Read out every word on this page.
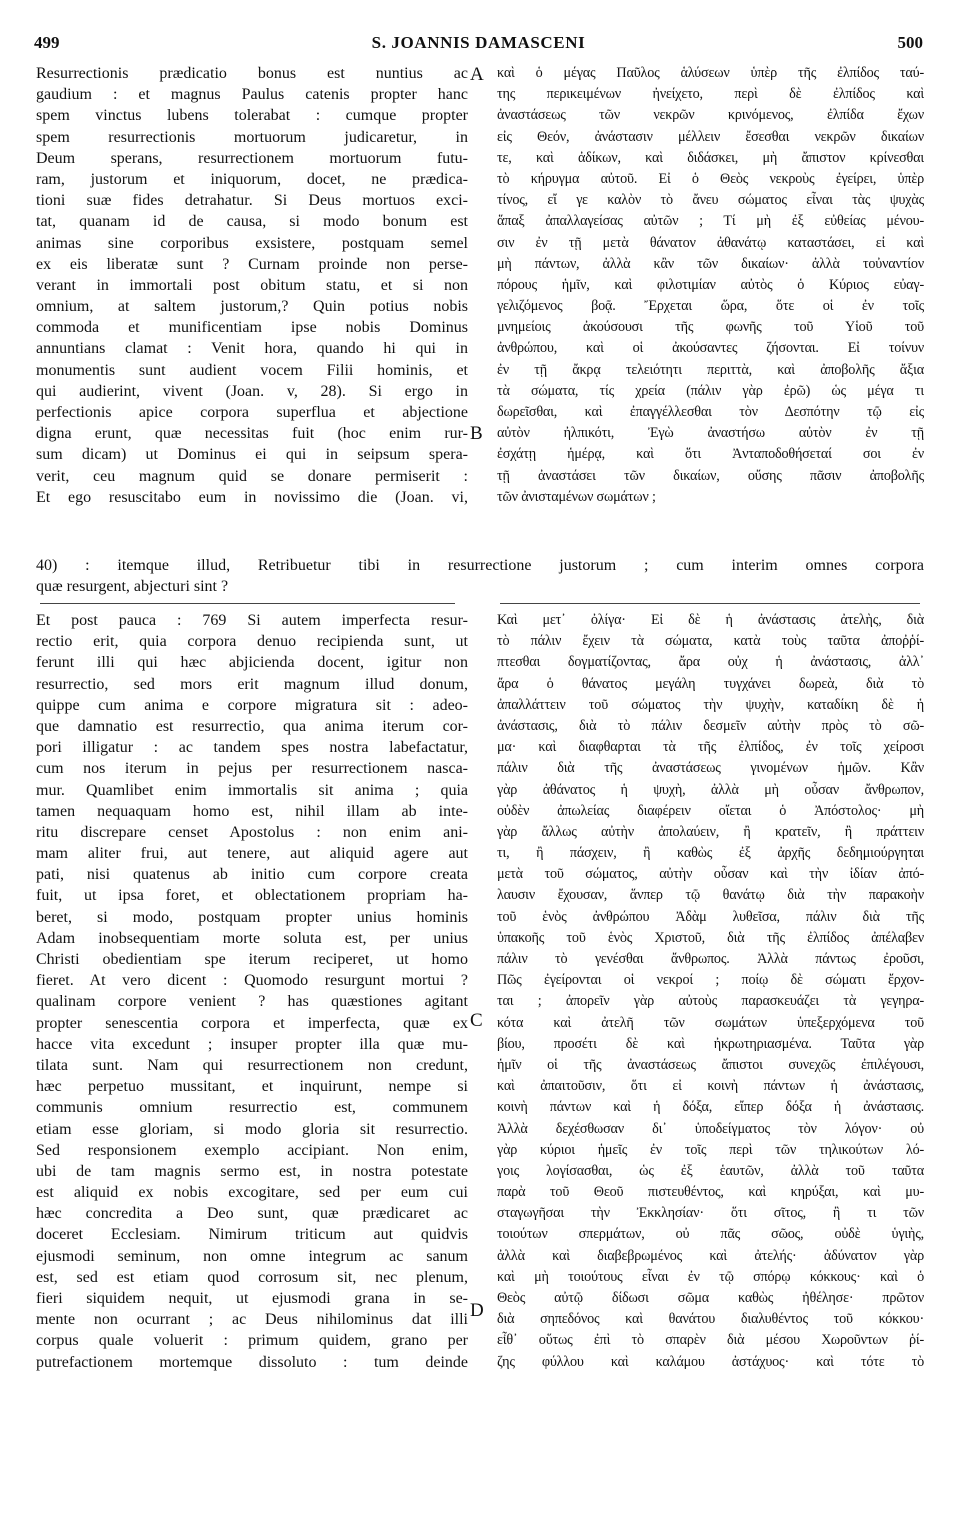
499	S. JOANNIS DAMASCENI	500
A
B
C
D
Resurrectionis prædicatio bonus est nuntius ac
gaudium : et magnus Paulus catenis propter hanc
spem vinctus lubens tolerabat : cumque propter
spem resurrectionis mortuorum judicaretur, in
Deum sperans, resurrectionem mortuorum futu-
ram, justorum et iniquorum, docet, ne prædica-
tioni suæ fides detrahatur. Si Deus mortuos exci-
tat, quanam id de causa, si modo bonum est
animas sine corporibus exsistere, postquam semel
ex eis liberatæ sunt ? Curnam proinde non perse-
verant in immortali post obitum statu, et si non
omnium, at saltem justorum,? Quin potius nobis
commoda et munificentiam ipse nobis Dominus
annuntians clamat : Venit hora, quando hi qui in
monumentis sunt audient vocem Filii hominis, et
qui audierint, vivent (Joan. v, 28). Si ergo in
perfectionis apice corpora superflua et abjectione
digna erunt, quæ necessitas fuit (hoc enim rur-
sum dicam) ut Dominus ei qui in seipsum spera-
verit, ceu magnum quid se donare permiserit :
Et ego resuscitabo eum in novissimo die (Joan. vi,
καὶ ὁ μέγας Παῦλος ἁλύσεων ὑπὲρ τῆς ἐλπίδος ταύ-
της περικειμένων ἠνείχετο, περὶ δὲ ἐλπίδος καὶ
ἀναστάσεως τῶν νεκρῶν κρινόμενος, ἐλπίδα ἔχων
εἰς Θεόν, ἀνάστασιν μέλλειν ἔσεσθαι νεκρῶν δικαίων
τε, καὶ ἀδίκων, καὶ διδάσκει, μὴ ἄπιστον κρίνεσθαι
τὸ κήρυγμα αὐτοῦ. Εἰ ὁ Θεὸς νεκροὺς ἐγείρει, ὑπὲρ
τίνος, εἴ γε καλὸν τὸ ἄνευ σώματος εἶναι τὰς ψυχὰς
ἅπαξ ἀπαλλαγείσας αὐτῶν ; Τί μὴ ἐξ εὐθείας μένου-
σιν ἐν τῇ μετὰ θάνατον ἀθανάτῳ καταστάσει, εἰ καὶ
μὴ πάντων, ἀλλὰ κἂν τῶν δικαίων· ἀλλὰ τοὐναντίον
πόρους ἡμῖν, καὶ φιλοτιμίαν αὐτὸς ὁ Κύριος εὐαγ-
γελιζόμενος βοᾷ. Ἔρχεται ὥρα, ὅτε οἱ ἐν τοῖς
μνημείοις ἀκούσουσι τῆς φωνῆς τοῦ Υἱοῦ τοῦ
ἀνθρώπου, καὶ οἱ ἀκούσαντες ζήσονται. Εἰ τοίνυν
ἐν τῇ ἄκρᾳ τελειότητι περιττὰ, καὶ ἀποβολῆς ἄξια
τὰ σώματα, τίς χρεία (πάλιν γὰρ ἐρῶ) ὡς μέγα τι
δωρεῖσθαι, καὶ ἐπαγγέλλεσθαι τὸν Δεσπότην τῷ εἰς
αὐτὸν ἠλπικότι, Ἐγὼ ἀναστήσω αὐτὸν ἐν τῇ
ἐσχάτῃ ἡμέρᾳ, καὶ ὅτι Ἀνταποδοθήσεταί σοι ἐν
τῇ ἀναστάσει τῶν δικαίων, οὔσης πᾶσιν ἀποβολῆς
τῶν ἀνισταμένων σωμάτων ;
40) : itemque illud, Retribuetur tibi in resurrectione justorum ; cum interim omnes corpora
quæ resurgent, abjecturi sint ?
Et post pauca : 769 Si autem imperfecta resur-
rectio erit, quia corpora denuo recipienda sunt, ut
ferunt illi qui hæc abjicienda docent, igitur non
resurrectio, sed mors erit magnum illud donum,
quippe cum anima e corpore migratura sit : adeo-
que damnatio est resurrectio, qua anima iterum cor-
pori illigatur : ac tandem spes nostra labefactatur,
cum nos iterum in pejus per resurrectionem nasca-
mur. Quamlibet enim immortalis sit anima ; quia
tamen nequaquam homo est, nihil illam ab inte-
ritu discrepare censet Apostolus : non enim ani-
mam aliter frui, aut tenere, aut aliquid agere aut
pati, nisi quatenus ab initio cum corpore creata
fuit, ut ipsa foret, et oblectationem propriam ha-
beret, si modo, postquam propter unius hominis
Adam inobsequentiam morte soluta est, per unius
Christi obedientiam spe iterum reciperet, ut homo
fieret. At vero dicent : Quomodo resurgunt mortui ?
qualinam corpore venient ? has quæstiones agitant
propter senescentia corpora et imperfecta, quæ ex
hacce vita excedunt ; insuper propter illa quæ mu-
tilata sunt. Nam qui resurrectionem non credunt,
hæc perpetuo mussitant, et inquirunt, nempe si
communis omnium resurrectio est, communem
etiam esse gloriam, si modo gloria sit resurrectio.
Sed responsionem exemplo accipiant. Non enim,
ubi de tam magnis sermo est, in nostra potestate
est aliquid ex nobis excogitare, sed per eum cui
hæc concredita a Deo sunt, quæ prædicaret ac
doceret Ecclesiam. Nimirum triticum aut quidvis
ejusmodi seminum, non omne integrum ac sanum
est, sed est etiam quod corrosum sit, nec plenum,
fieri siquidem nequit, ut ejusmodi grana in se-
mente non ocurrant ; ac Deus nihilominus dat illi
corpus quale voluerit : primum quidem, grano per
putrefactionem mortemque dissoluto : tum deinde
Καὶ μετ᾽ ὀλίγα· Εἰ δὲ ἡ ἀνάστασις ἀτελὴς, διὰ
τὸ πάλιν ἔχειν τὰ σώματα, κατὰ τοὺς ταῦτα ἀποῤῥί-
πτεσθαι δογματίζοντας, ἄρα οὐχ ἡ ἀνάστασις, ἀλλ᾽
ἄρα ὁ θάνατος μεγάλη τυγχάνει δωρεὰ, διὰ τὸ
ἀπαλλάττειν τοῦ σώματος τὴν ψυχὴν, καταδίκη δὲ ἡ
ἀνάστασις, διὰ τὸ πάλιν δεσμεῖν αὐτὴν πρὸς τὸ σῶ-
μα· καὶ διαφθαρται τὰ τῆς ἐλπίδος, ἐν τοῖς χείροσι
πάλιν διὰ τῆς ἀναστάσεως γινομένων ἡμῶν. Κἂν
γὰρ ἀθάνατος ἡ ψυχὴ, ἀλλὰ μὴ οὖσαν ἄνθρωπον,
οὐδὲν ἀπωλείας διαφέρειν οἴεται ὁ Ἀπόστολος· μὴ
γὰρ ἄλλως αὐτὴν ἀπολαύειν, ἢ κρατεῖν, ἢ πράττειν
τι, ἢ πάσχειν, ἢ καθὼς ἐξ ἀρχῆς δεδημιούργηται
μετὰ τοῦ σώματος, αὐτὴν οὖσαν καὶ τὴν ἰδίαν ἀπό-
λαυσιν ἔχουσαν, ἅνπερ τῷ θανάτῳ διὰ τὴν παρακοὴν
τοῦ ἑνὸς ἀνθρώπου Ἀδὰμ λυθεῖσα, πάλιν διὰ τῆς
ὑπακοῆς τοῦ ἑνὸς Χριστοῦ, διὰ τῆς ἐλπίδος ἀπέλαβεν
πάλιν τὸ γενέσθαι ἄνθρωπος. Ἀλλὰ πάντως ἐροῦσι,
Πῶς ἐγείρονται οἱ νεκροί ; ποίῳ δὲ σώματι ἔρχον-
ται ; ἀπορεῖν γὰρ αὐτοὺς παρασκευάζει τὰ γεγηρα-
κότα καὶ ἀτελῆ τῶν σωμάτων ὑπεξερχόμενα τοῦ
βίου, προσέτι δὲ καὶ ἠκρωτηριασμένα. Ταῦτα γὰρ
ἡμῖν οἱ τῆς ἀναστάσεως ἄπιστοι συνεχῶς ἐπιλέγουσι,
καὶ ἀπαιτοῦσιν, ὅτι εἰ κοινὴ πάντων ἡ ἀνάστασις,
κοινὴ πάντων καὶ ἡ δόξα, εἴπερ δόξα ἡ ἀνάστασις.
Ἀλλὰ δεχέσθωσαν δι᾽ ὑποδείγματος τὸν λόγον· οὐ
γὰρ κύριοι ἡμεῖς ἐν τοῖς περὶ τῶν τηλικούτων λό-
γοις λογίσασθαι, ὡς ἐξ ἑαυτῶν, ἀλλὰ τοῦ ταῦτα
παρὰ τοῦ Θεοῦ πιστευθέντος, καὶ κηρύξαι, καὶ μυ-
σταγωγῆσαι τὴν Ἐκκλησίαν· ὅτι σῖτος, ἢ τι τῶν
τοιούτων σπερμάτων, οὐ πᾶς σῶος, οὐδὲ ὑγιὴς,
ἀλλὰ καὶ διαβεβρωμένος καὶ ἀτελής· ἀδύνατον γὰρ
καὶ μὴ τοιούτους εἶναι ἐν τῷ σπόρῳ κόκκους· καὶ ὁ
Θεὸς αὐτῷ δίδωσι σῶμα καθὼς ἠθέλησε· πρῶτον
διὰ σηπεδόνος καὶ θανάτου διαλυθέντος τοῦ κόκκου·
εἶθ᾽ οὕτως ἐπὶ τὸ σπαρὲν διὰ μέσου Χωροῦντων ῥί-
ζης φύλλου καὶ καλάμου ἀστάχυος· καὶ τότε τὸ
